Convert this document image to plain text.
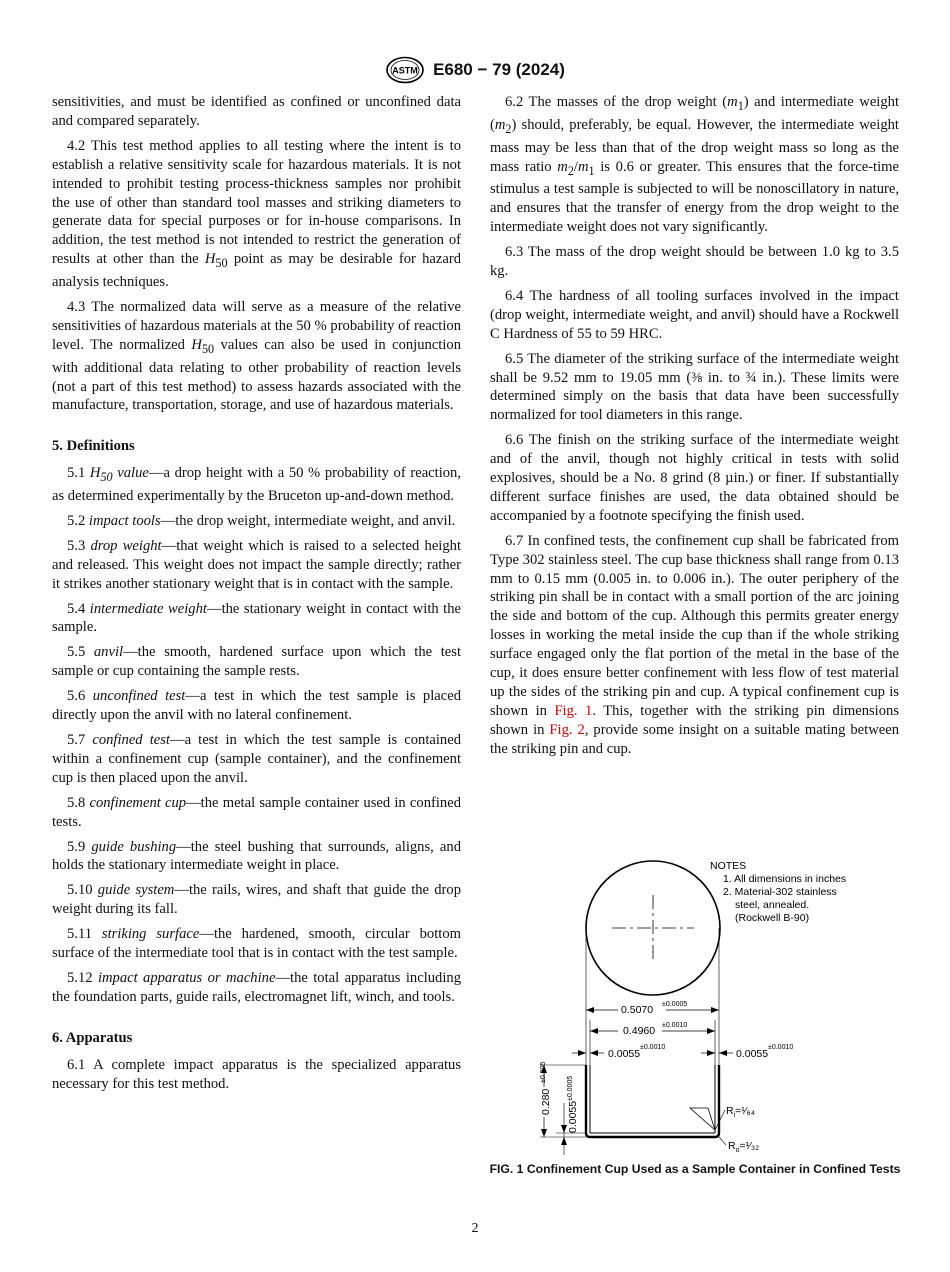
ASTM E680 − 79 (2024)

sensitivities, and must be identified as confined or unconfined data and compared separately.

4.2 This test method applies to all testing where the intent is to establish a relative sensitivity scale for hazardous materials. It is not intended to prohibit testing process-thickness samples nor prohibit the use of other than standard tool masses and striking diameters to generate data for special purposes or for in-house comparisons. In addition, the test method is not intended to restrict the generation of results at other than the $H_{50}$ point as may be desirable for hazard analysis techniques.

4.3 The normalized data will serve as a measure of the relative sensitivities of hazardous materials at the 50 % probability of reaction level. The normalized $H_{50}$ values can also be used in conjunction with additional data relating to other probability of reaction levels (not a part of this test method) to assess hazards associated with the manufacture, transportation, storage, and use of hazardous materials.

5. Definitions

5.1 $H_{50}$ value—a drop height with a 50 % probability of reaction, as determined experimentally by the Bruceton up-and-down method.

5.2 impact tools—the drop weight, intermediate weight, and anvil.

5.3 drop weight—that weight which is raised to a selected height and released. This weight does not impact the sample directly; rather it strikes another stationary weight that is in contact with the sample.

5.4 intermediate weight—the stationary weight in contact with the sample.

5.5 anvil—the smooth, hardened surface upon which the test sample or cup containing the sample rests.

5.6 unconfined test—a test in which the test sample is placed directly upon the anvil with no lateral confinement.

5.7 confined test—a test in which the test sample is contained within a confinement cup (sample container), and the confinement cup is then placed upon the anvil.

5.8 confinement cup—the metal sample container used in confined tests.

5.9 guide bushing—the steel bushing that surrounds, aligns, and holds the stationary intermediate weight in place.

5.10 guide system—the rails, wires, and shaft that guide the drop weight during its fall.

5.11 striking surface—the hardened, smooth, circular bottom surface of the intermediate tool that is in contact with the test sample.

5.12 impact apparatus or machine—the total apparatus including the foundation parts, guide rails, electromagnet lift, winch, and tools.

6. Apparatus

6.1 A complete impact apparatus is the specialized apparatus necessary for this test method.

6.2 The masses of the drop weight $(m_1)$ and intermediate weight $(m_2)$ should, preferably, be equal. However, the intermediate weight mass may be less than that of the drop weight mass so long as the mass ratio $m_2/m_1$ is 0.6 or greater. This ensures that the force-time stimulus a test sample is subjected to will be nonoscillatory in nature, and ensures that the transfer of energy from the drop weight to the intermediate weight does not vary significantly.

6.3 The mass of the drop weight should be between 1.0 kg to 3.5 kg.

6.4 The hardness of all tooling surfaces involved in the impact (drop weight, intermediate weight, and anvil) should have a Rockwell C Hardness of 55 to 59 HRC.

6.5 The diameter of the striking surface of the intermediate weight shall be 9.52 mm to 19.05 mm (⅜ in. to ¾ in.). These limits were determined simply on the basis that data have been successfully normalized for tool diameters in this range.

6.6 The finish on the striking surface of the intermediate weight and of the anvil, though not highly critical in tests with solid explosives, should be a No. 8 grind (8 µin.) or finer. If substantially different surface finishes are used, the data obtained should be accompanied by a footnote specifying the finish used.

6.7 In confined tests, the confinement cup shall be fabricated from Type 302 stainless steel. The cup base thickness shall range from 0.13 mm to 0.15 mm (0.005 in. to 0.006 in.). The outer periphery of the striking pin shall be in contact with a small portion of the arc joining the side and bottom of the cup. Although this permits greater energy losses in working the metal inside the cup than if the whole striking surface engaged only the flat portion of the metal in the base of the cup, it does ensure better confinement with less flow of test material up the sides of the striking pin and cup. A typical confinement cup is shown in Fig. 1. This, together with the striking pin dimensions shown in Fig. 2, provide some insight on a suitable mating between the striking pin and cup.

NOTES
1. All dimensions in inches
2. Material-302 stainless
steel, annealed.
(Rockwell B-90)
0.5070 ±0.0005
0.4960 ±0.0010
0.0055
±0.0010
0.0055
±0.0010
0.280
±0.005
0.0055
±0.0005
$R_i=^1⁄_{64}$
$R_o=^1⁄_{32}$
FIG. 1 Confinement Cup Used as a Sample Container in Confined Tests
2
